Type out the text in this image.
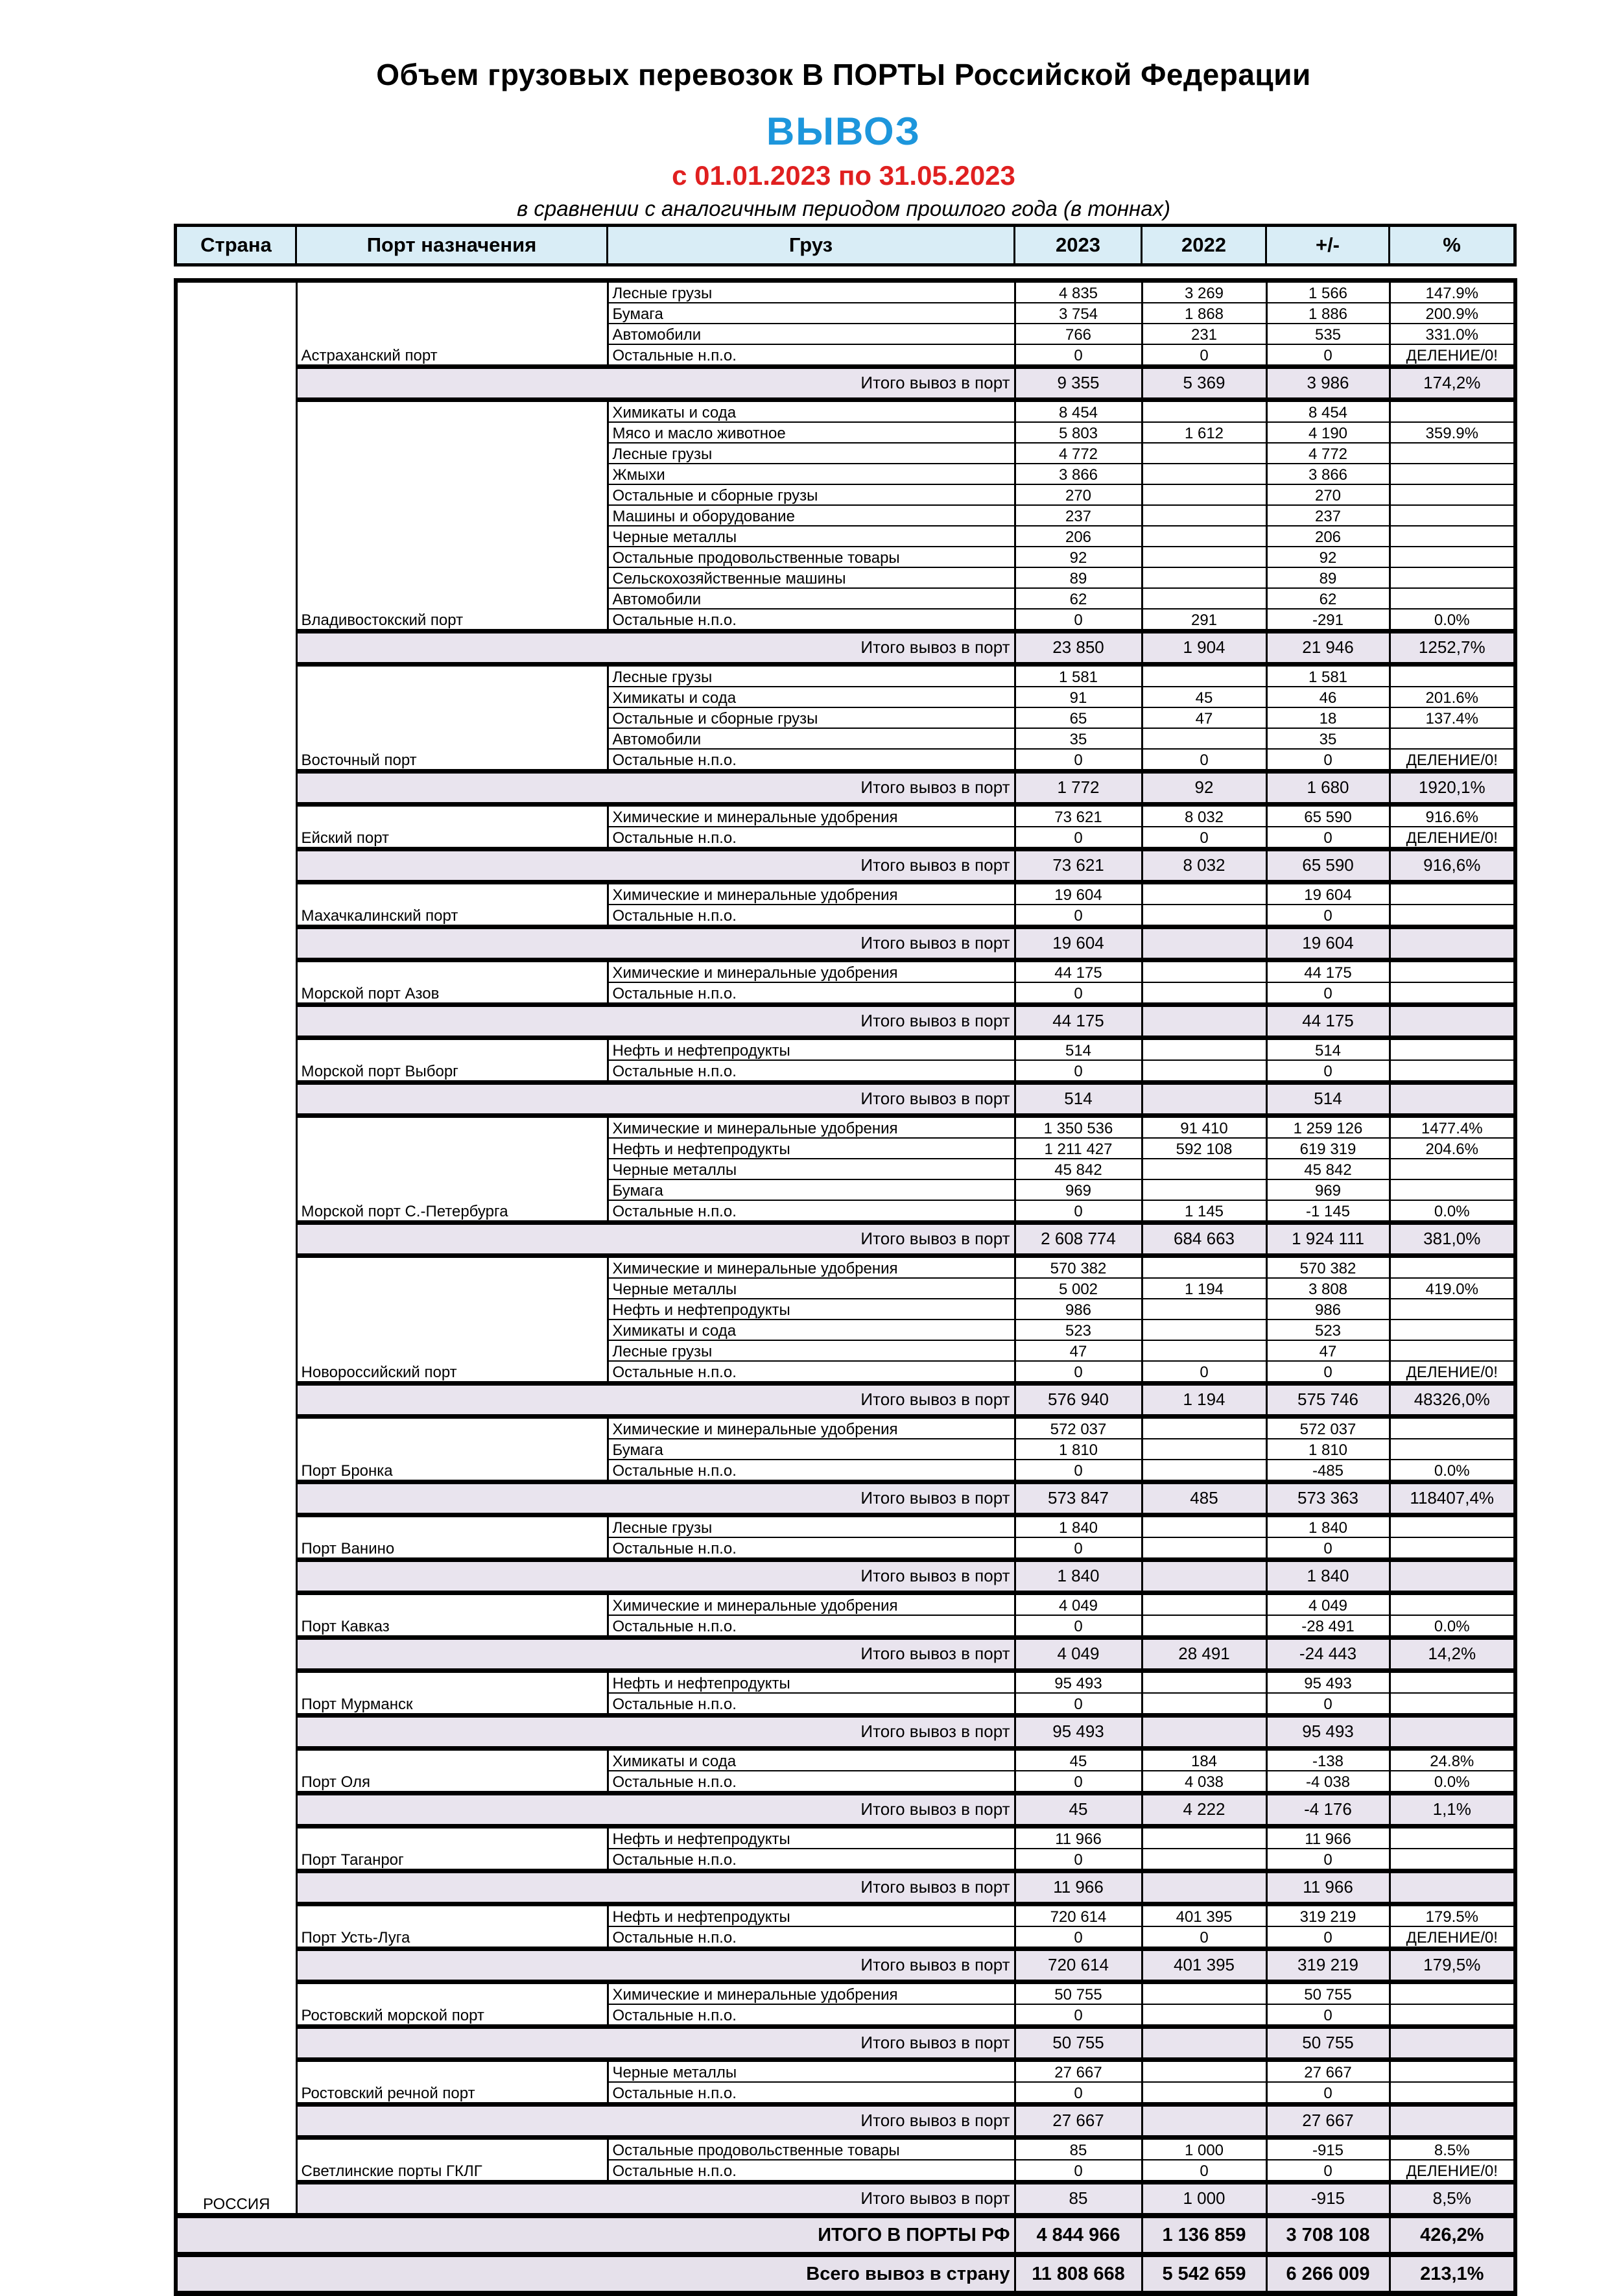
Объем грузовых перевозок В ПОРТЫ Российской Федерации
ВЫВОЗ
с 01.01.2023 по 31.05.2023
в сравнении с аналогичным периодом прошлого года (в тоннах)
Страна	Порт назначения	Груз	2023	2022	+/-	%
РОССИЯ	Астраханский порт	Лесные грузы	4 835	3 269	1 566	147.9%
		Бумага	3 754	1 868	1 886	200.9%
		Автомобили	766	231	535	331.0%
		Остальные н.п.о.	0	0	0	ДЕЛЕНИЕ/0!
	Итого вывоз в порт		9 355	5 369	3 986	174,2%
	Владивостокский порт	Химикаты и сода	8 454		8 454	
		Мясо и масло животное	5 803	1 612	4 190	359.9%
		Лесные грузы	4 772		4 772	
		Жмыхи	3 866		3 866	
		Остальные и сборные грузы	270		270	
		Машины и оборудование	237		237	
		Черные металлы	206		206	
		Остальные продовольственные товары	92		92	
		Сельскохозяйственные машины	89		89	
		Автомобили	62		62	
		Остальные н.п.о.	0	291	-291	0.0%
	Итого вывоз в порт		23 850	1 904	21 946	1252,7%
	Восточный порт	Лесные грузы	1 581		1 581	
		Химикаты и сода	91	45	46	201.6%
		Остальные и сборные грузы	65	47	18	137.4%
		Автомобили	35		35	
		Остальные н.п.о.	0	0	0	ДЕЛЕНИЕ/0!
	Итого вывоз в порт		1 772	92	1 680	1920,1%
	Ейский порт	Химические и минеральные удобрения	73 621	8 032	65 590	916.6%
		Остальные н.п.о.	0	0	0	ДЕЛЕНИЕ/0!
	Итого вывоз в порт		73 621	8 032	65 590	916,6%
	Махачкалинский порт	Химические и минеральные удобрения	19 604		19 604	
		Остальные н.п.о.	0		0	
	Итого вывоз в порт		19 604		19 604	
	Морской порт Азов	Химические и минеральные удобрения	44 175		44 175	
		Остальные н.п.о.	0		0	
	Итого вывоз в порт		44 175		44 175	
	Морской порт Выборг	Нефть и нефтепродукты	514		514	
		Остальные н.п.о.	0		0	
	Итого вывоз в порт		514		514	
	Морской порт С.-Петербурга	Химические и минеральные удобрения	1 350 536	91 410	1 259 126	1477.4%
		Нефть и нефтепродукты	1 211 427	592 108	619 319	204.6%
		Черные металлы	45 842		45 842	
		Бумага	969		969	
		Остальные н.п.о.	0	1 145	-1 145	0.0%
	Итого вывоз в порт		2 608 774	684 663	1 924 111	381,0%
	Новороссийский порт	Химические и минеральные удобрения	570 382		570 382	
		Черные металлы	5 002	1 194	3 808	419.0%
		Нефть и нефтепродукты	986		986	
		Химикаты и сода	523		523	
		Лесные грузы	47		47	
		Остальные н.п.о.	0	0	0	ДЕЛЕНИЕ/0!
	Итого вывоз в порт		576 940	1 194	575 746	48326,0%
	Порт Бронка	Химические и минеральные удобрения	572 037		572 037	
		Бумага	1 810		1 810	
		Остальные н.п.о.	0		-485	0.0%
	Итого вывоз в порт		573 847	485	573 363	118407,4%
	Порт Ванино	Лесные грузы	1 840		1 840	
		Остальные н.п.о.	0		0	
	Итого вывоз в порт		1 840		1 840	
	Порт Кавказ	Химические и минеральные удобрения	4 049		4 049	
		Остальные н.п.о.	0		-28 491	0.0%
	Итого вывоз в порт		4 049	28 491	-24 443	14,2%
	Порт Мурманск	Нефть и нефтепродукты	95 493		95 493	
		Остальные н.п.о.	0		0	
	Итого вывоз в порт		95 493		95 493	
	Порт Оля	Химикаты и сода	45	184	-138	24.8%
		Остальные н.п.о.	0	4 038	-4 038	0.0%
	Итого вывоз в порт		45	4 222	-4 176	1,1%
	Порт Таганрог	Нефть и нефтепродукты	11 966		11 966	
		Остальные н.п.о.	0		0	
	Итого вывоз в порт		11 966		11 966	
	Порт Усть-Луга	Нефть и нефтепродукты	720 614	401 395	319 219	179.5%
		Остальные н.п.о.	0	0	0	ДЕЛЕНИЕ/0!
	Итого вывоз в порт		720 614	401 395	319 219	179,5%
	Ростовский морской порт	Химические и минеральные удобрения	50 755		50 755	
		Остальные н.п.о.	0		0	
	Итого вывоз в порт		50 755		50 755	
	Ростовский речной порт	Черные металлы	27 667		27 667	
		Остальные н.п.о.	0		0	
	Итого вывоз в порт		27 667		27 667	
	Светлинские порты ГКЛГ	Остальные продовольственные товары	85	1 000	-915	8.5%
		Остальные н.п.о.	0	0	0	ДЕЛЕНИЕ/0!
	Итого вывоз в порт		85	1 000	-915	8,5%
ИТОГО В ПОРТЫ РФ			4 844 966	1 136 859	3 708 108	426,2%
Всего вывоз в страну			11 808 668	5 542 659	6 266 009	213,1%
